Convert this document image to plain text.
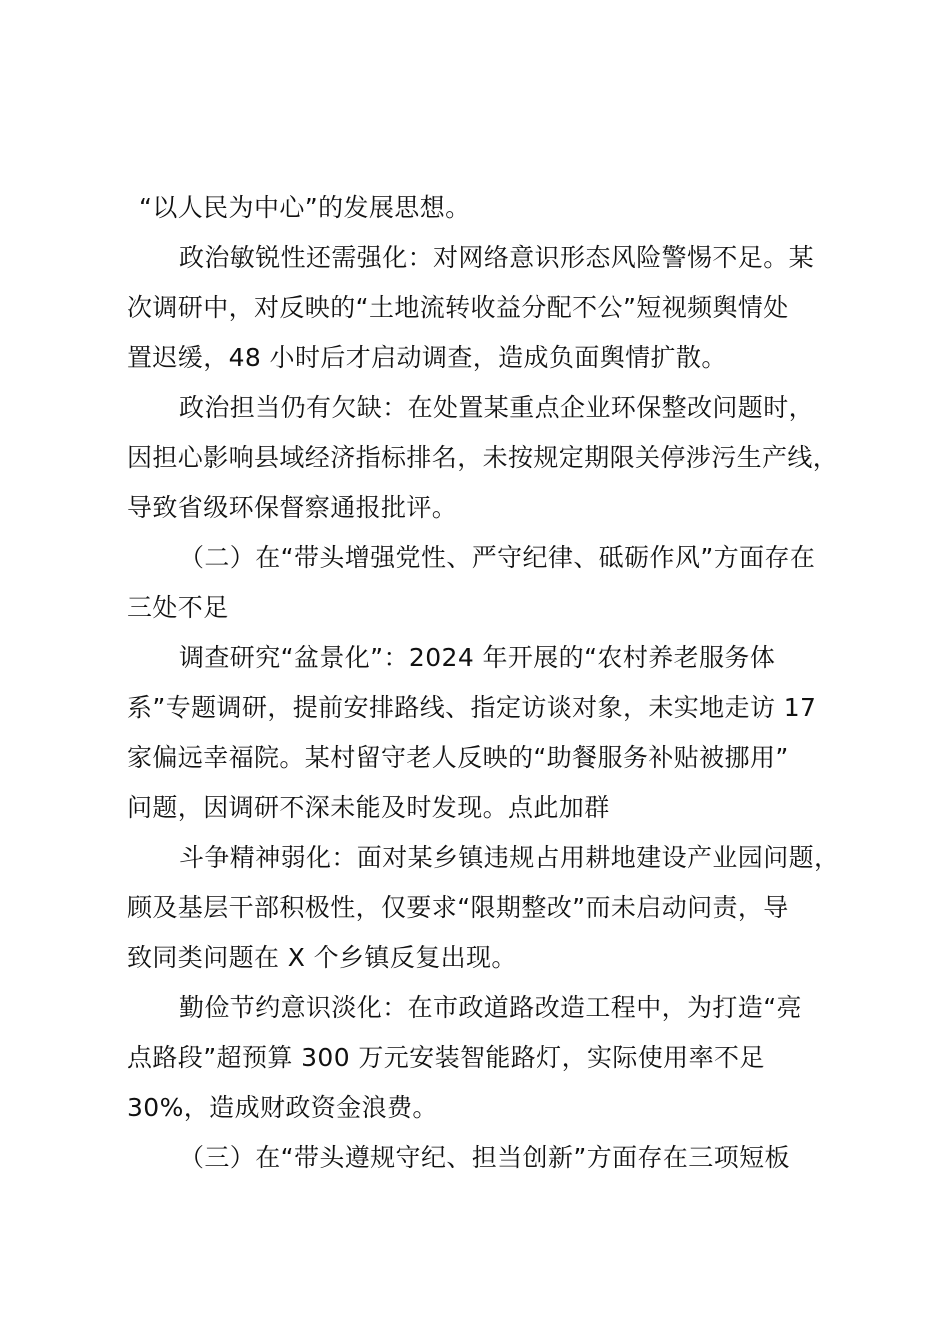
“以人民为中心”的发展思想。
政治敏锐性还需强化：对网络意识形态风险警惕不足。某
次调研中，对反映的“土地流转收益分配不公”短视频舆情处
置迟缓，48 小时后才启动调查，造成负面舆情扩散。
政治担当仍有欠缺：在处置某重点企业环保整改问题时，
因担心影响县域经济指标排名，未按规定期限关停涉污生产线，
导致省级环保督察通报批评。
（二）在“带头增强党性、严守纪律、砥砺作风”方面存在
三处不足
调查研究“盆景化”：2024 年开展的“农村养老服务体
系”专题调研，提前安排路线、指定访谈对象，未实地走访 17
家偏远幸福院。某村留守老人反映的“助餐服务补贴被挪用”
问题，因调研不深未能及时发现。点此加群
斗争精神弱化：面对某乡镇违规占用耕地建设产业园问题，
顾及基层干部积极性，仅要求“限期整改”而未启动问责，导
致同类问题在 X 个乡镇反复出现。
勤俭节约意识淡化：在市政道路改造工程中，为打造“亮
点路段”超预算 300 万元安装智能路灯，实际使用率不足
30%，造成财政资金浪费。
（三）在“带头遵规守纪、担当创新”方面存在三项短板
